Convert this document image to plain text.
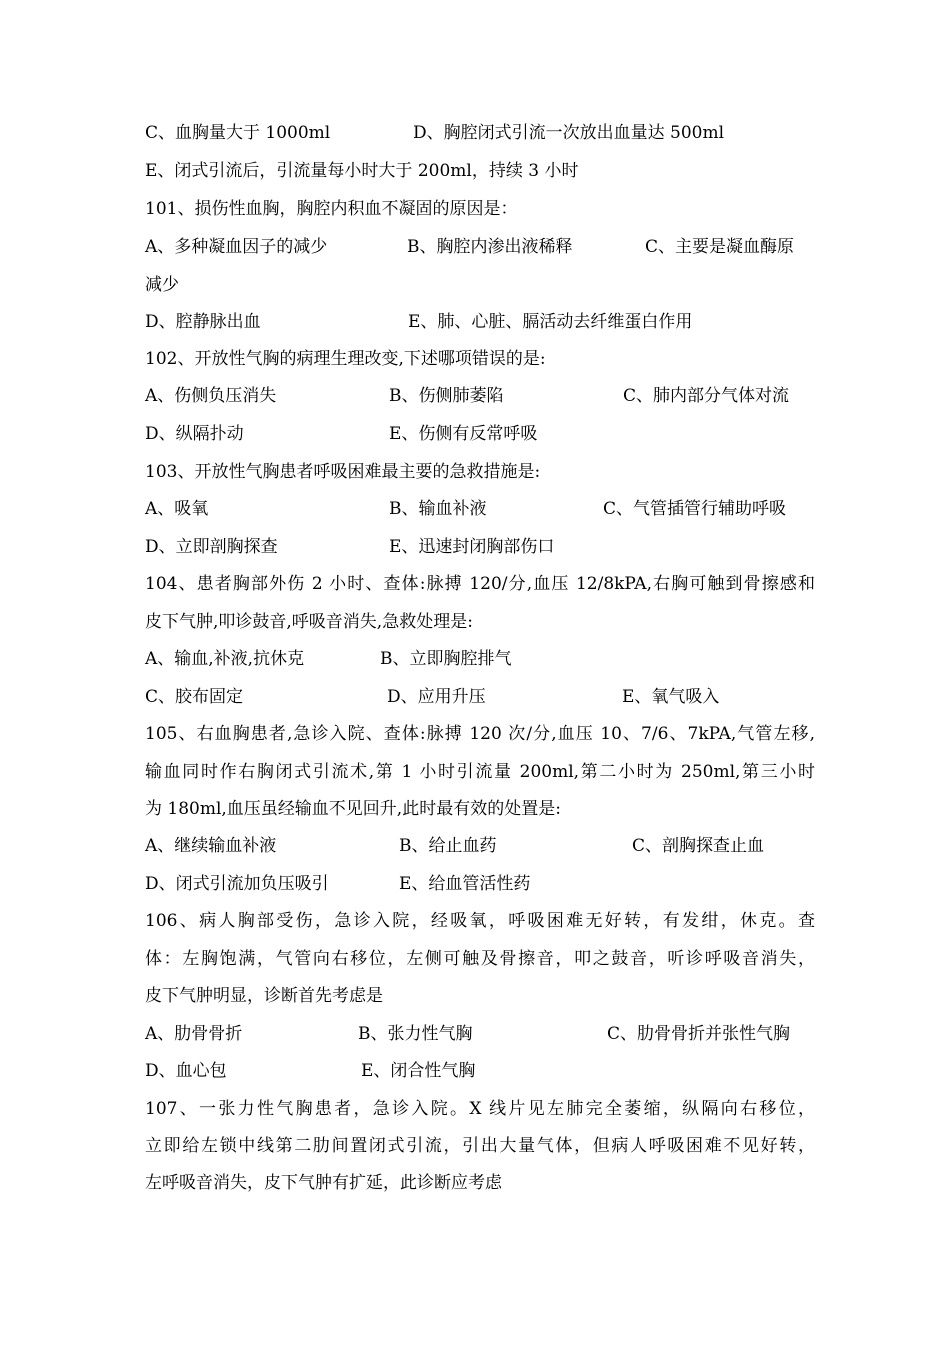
C、血胸量大于 1000ml	D、胸腔闭式引流一次放出血量达 500ml
E、闭式引流后，引流量每小时大于 200ml，持续 3 小时
101、损伤性血胸，胸腔内积血不凝固的原因是：
A、多种凝血因子的减少	B、胸腔内渗出液稀释	C、主要是凝血酶原
减少
D、腔静脉出血	E、肺、心脏、膈活动去纤维蛋白作用
102、开放性气胸的病理生理改变,下述哪项错误的是:
A、伤侧负压消失	B、伤侧肺萎陷	C、肺内部分气体对流
D、纵隔扑动	E、伤侧有反常呼吸
103、开放性气胸患者呼吸困难最主要的急救措施是:
A、吸氧	B、输血补液	C、气管插管行辅助呼吸
D、立即剖胸探查	E、迅速封闭胸部伤口
104、患者胸部外伤 2 小时、查体:脉搏 120/分,血压 12/8kPA,右胸可触到骨擦感和
皮下气肿,叩诊鼓音,呼吸音消失,急救处理是:
A、输血,补液,抗休克	B、立即胸腔排气
C、胶布固定	D、应用升压	E、氧气吸入
105、右血胸患者,急诊入院、查体:脉搏 120 次/分,血压 10、7/6、7kPA,气管左移,
输血同时作右胸闭式引流术,第 1 小时引流量 200ml,第二小时为 250ml,第三小时
为 180ml,血压虽经输血不见回升,此时最有效的处置是:
A、继续输血补液	B、给止血药	C、剖胸探查止血
D、闭式引流加负压吸引	E、给血管活性药
106、病人胸部受伤，急诊入院，经吸氧，呼吸困难无好转，有发绀，休克。查
体：左胸饱满，气管向右移位，左侧可触及骨擦音，叩之鼓音，听诊呼吸音消失，
皮下气肿明显，诊断首先考虑是
A、肋骨骨折	B、张力性气胸	C、肋骨骨折并张性气胸
D、血心包	E、闭合性气胸
107、一张力性气胸患者，急诊入院。X 线片见左肺完全萎缩，纵隔向右移位，
立即给左锁中线第二肋间置闭式引流，引出大量气体，但病人呼吸困难不见好转，
左呼吸音消失，皮下气肿有扩延，此诊断应考虑
